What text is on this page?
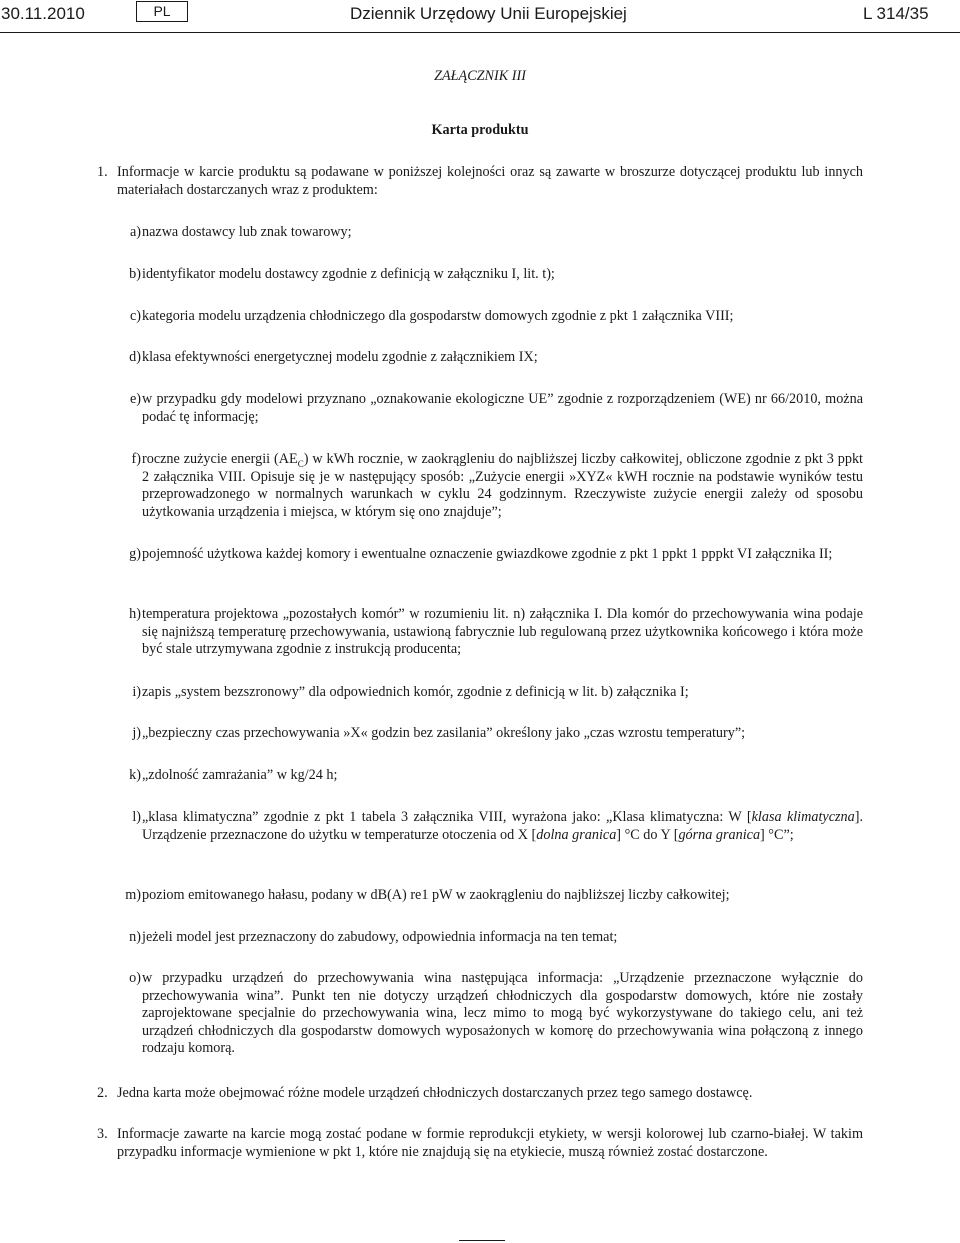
30.11.2010	PL	Dziennik Urzędowy Unii Europejskiej	L 314/35
ZAŁĄCZNIK III
Karta produktu
1. Informacje w karcie produktu są podawane w poniższej kolejności oraz są zawarte w broszurze dotyczącej produktu lub innych materiałach dostarczanych wraz z produktem:
a) nazwa dostawcy lub znak towarowy;
b) identyfikator modelu dostawcy zgodnie z definicją w załączniku I, lit. t);
c) kategoria modelu urządzenia chłodniczego dla gospodarstw domowych zgodnie z pkt 1 załącznika VIII;
d) klasa efektywności energetycznej modelu zgodnie z załącznikiem IX;
e) w przypadku gdy modelowi przyznano „oznakowanie ekologiczne UE” zgodnie z rozporządzeniem (WE) nr 66/2010, można podać tę informację;
f) roczne zużycie energii $(AE_C)$ w kWh rocznie, w zaokrągleniu do najbliższej liczby całkowitej, obliczone zgodnie z pkt 3 ppkt 2 załącznika VIII. Opisuje się je w następujący sposób: „Zużycie energii »XYZ« kWH rocznie na podstawie wyników testu przeprowadzonego w normalnych warunkach w cyklu 24 godzinnym. Rzeczywiste zużycie energii zależy od sposobu użytkowania urządzenia i miejsca, w którym się ono znajduje”;
g) pojemność użytkowa każdej komory i ewentualne oznaczenie gwiazdkowe zgodnie z pkt 1 ppkt 1 pppkt VI załącznika II;
h) temperatura projektowa „pozostałych komór” w rozumieniu lit. n) załącznika I. Dla komór do przechowywania wina podaje się najniższą temperaturę przechowywania, ustawioną fabrycznie lub regulowaną przez użytkownika końcowego i która może być stale utrzymywana zgodnie z instrukcją producenta;
i) zapis „system bezszronowy” dla odpowiednich komór, zgodnie z definicją w lit. b) załącznika I;
j) „bezpieczny czas przechowywania »X« godzin bez zasilania” określony jako „czas wzrostu temperatury”;
k) „zdolność zamrażania” w kg/24 h;
l) „klasa klimatyczna” zgodnie z pkt 1 tabela 3 załącznika VIII, wyrażona jako: „Klasa klimatyczna: W [klasa klimatyczna]. Urządzenie przeznaczone do użytku w temperaturze otoczenia od X [dolna granica] °C do Y [górna granica] °C”;
m) poziom emitowanego hałasu, podany w dB(A) re1 pW w zaokrągleniu do najbliższej liczby całkowitej;
n) jeżeli model jest przeznaczony do zabudowy, odpowiednia informacja na ten temat;
o) w przypadku urządzeń do przechowywania wina następująca informacja: „Urządzenie przeznaczone wyłącznie do przechowywania wina”. Punkt ten nie dotyczy urządzeń chłodniczych dla gospodarstw domowych, które nie zostały zaprojektowane specjalnie do przechowywania wina, lecz mimo to mogą być wykorzystywane do takiego celu, ani też urządzeń chłodniczych dla gospodarstw domowych wyposażonych w komorę do przechowywania wina połączoną z innego rodzaju komorą.
2. Jedna karta może obejmować różne modele urządzeń chłodniczych dostarczanych przez tego samego dostawcę.
3. Informacje zawarte na karcie mogą zostać podane w formie reprodukcji etykiety, w wersji kolorowej lub czarno-białej. W takim przypadku informacje wymienione w pkt 1, które nie znajdują się na etykiecie, muszą również zostać dostarczone.
